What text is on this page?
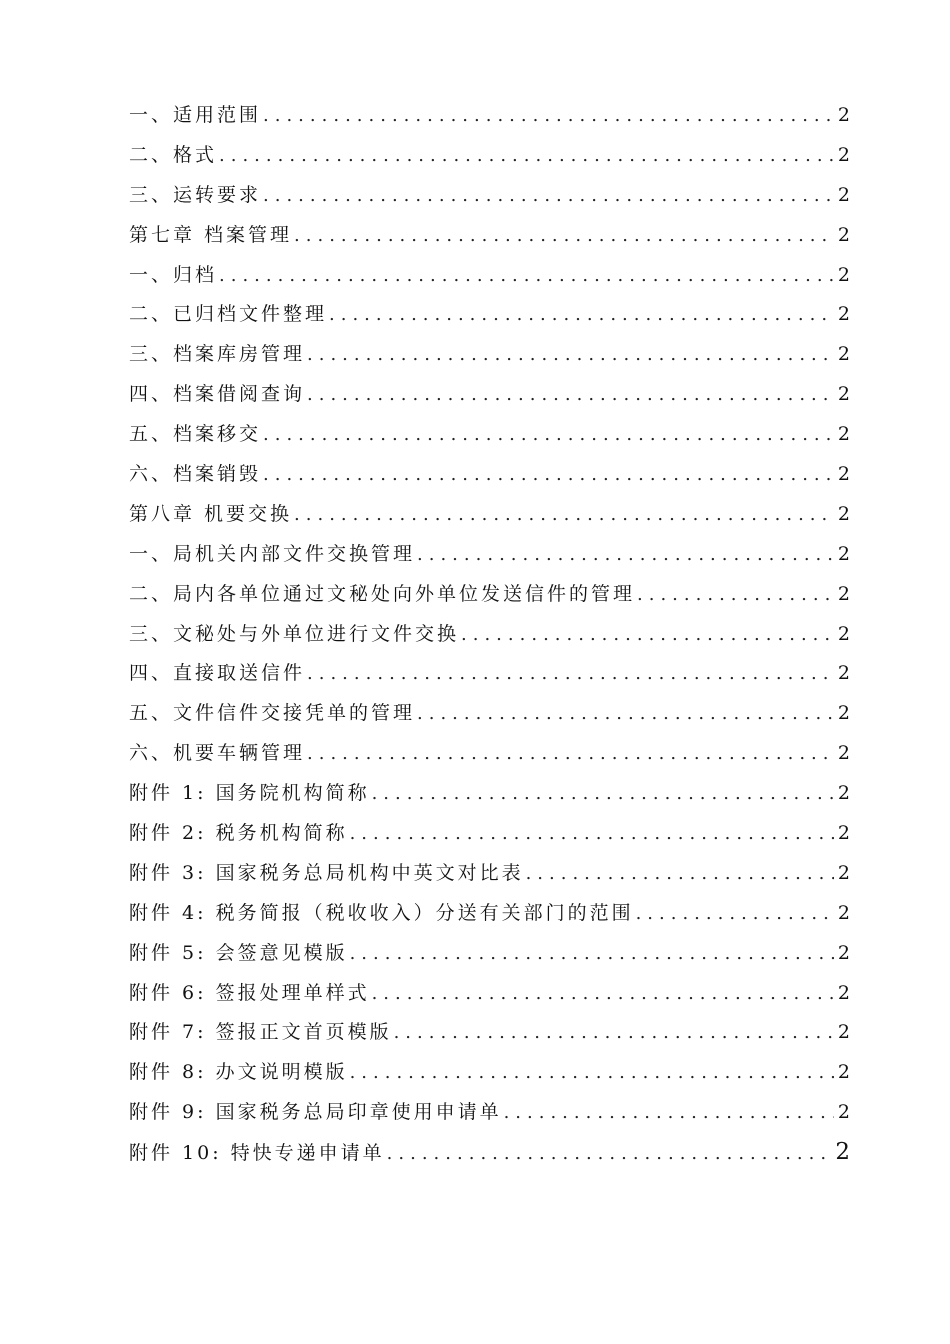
一、适用范围 .....	2
二、格式 .....	2
三、运转要求 .....	2
第七章 档案管理 .....	2
一、归档 .....	2
二、已归档文件整理 .....	2
三、档案库房管理 .....	2
四、档案借阅查询 .....	2
五、档案移交 .....	2
六、档案销毁 .....	2
第八章 机要交换 .....	2
一、局机关内部文件交换管理 .....	2
二、局内各单位通过文秘处向外单位发送信件的管理 .....	2
三、文秘处与外单位进行文件交换 .....	2
四、直接取送信件 .....	2
五、文件信件交接凭单的管理 .....	2
六、机要车辆管理 .....	2
附件 1: 国务院机构简称 .....	2
附件 2: 税务机构简称 .....	2
附件 3: 国家税务总局机构中英文对比表 .....	2
附件 4: 税务简报（税收收入）分送有关部门的范围 .....	2
附件 5: 会签意见模版 .....	2
附件 6: 签报处理单样式 .....	2
附件 7: 签报正文首页模版 .....	2
附件 8: 办文说明模版 .....	2
附件 9: 国家税务总局印章使用申请单 .....	2
附件 10: 特快专递申请单 .....	2
